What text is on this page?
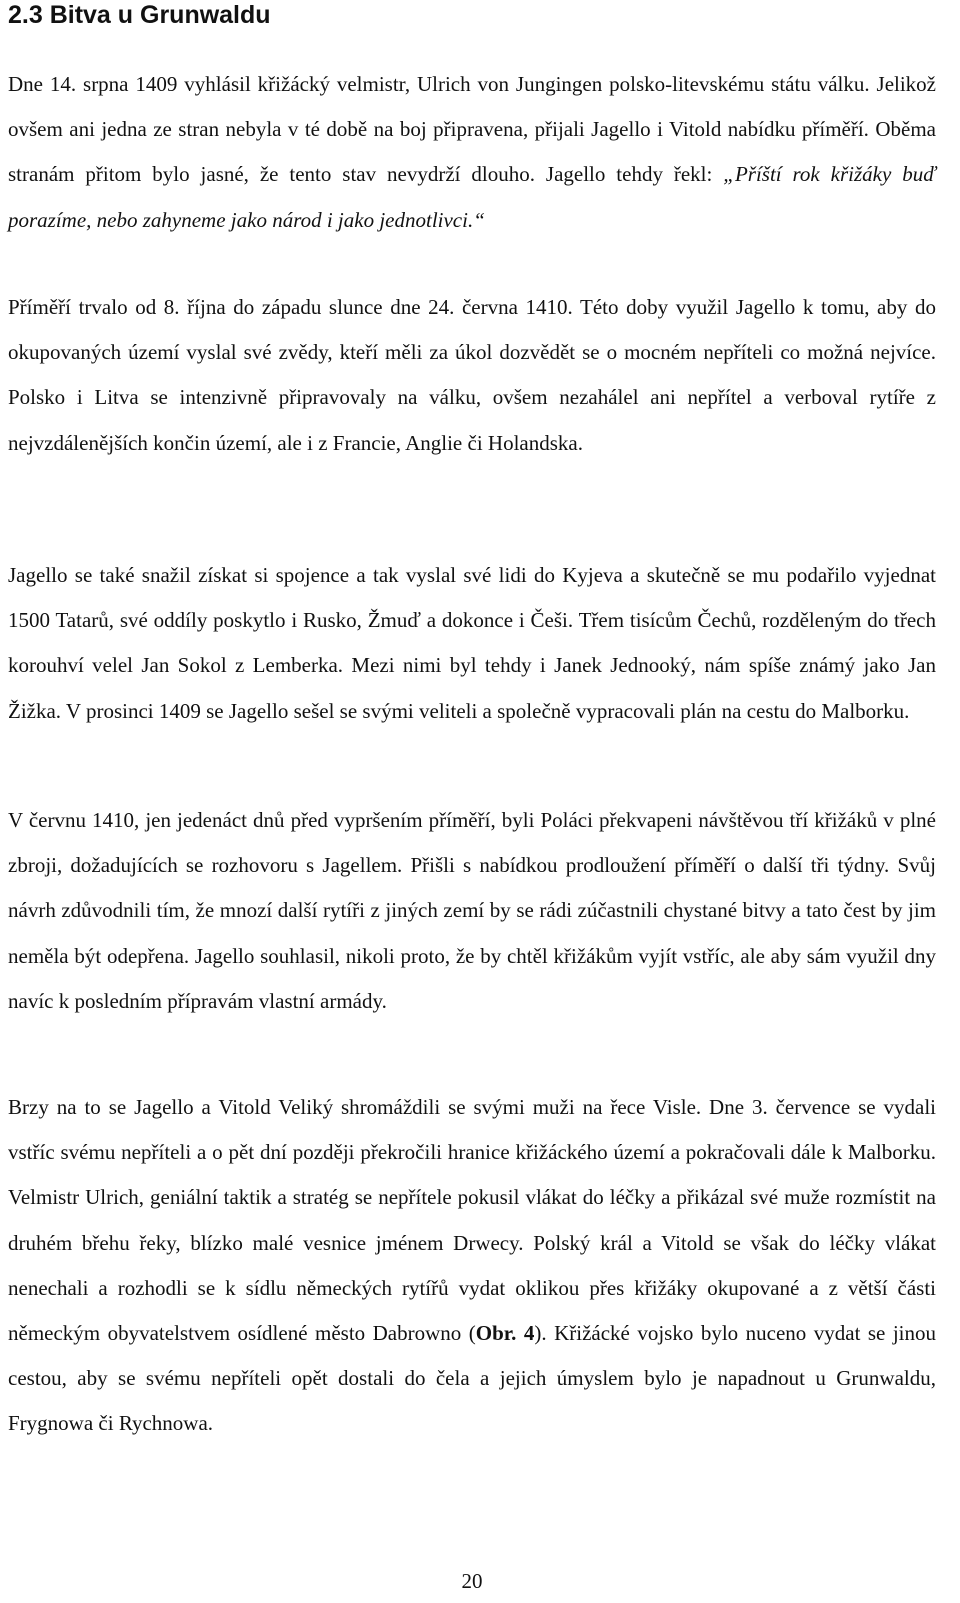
2.3 Bitva u Grunwaldu

Dne 14. srpna 1409 vyhlásil křižácký velmistr, Ulrich von Jungingen polsko-litevskému státu válku. Jelikož ovšem ani jedna ze stran nebyla v té době na boj připravena, přijali Jagello i Vitold nabídku příměří. Oběma stranám přitom bylo jasné, že tento stav nevydrží dlouho. Jagello tehdy řekl: „Příští rok křižáky buď porazíme, nebo zahyneme jako národ i jako jednotlivci.“

Příměří trvalo od 8. října do západu slunce dne 24. června 1410. Této doby využil Jagello k tomu, aby do okupovaných území vyslal své zvědy, kteří měli za úkol dozvědět se o mocném nepříteli co možná nejvíce. Polsko i Litva se intenzivně připravovaly na válku, ovšem nezahálel ani nepřítel a verboval rytíře z nejvzdálenějších končin území, ale i z Francie, Anglie či Holandska.

Jagello se také snažil získat si spojence a tak vyslal své lidi do Kyjeva a skutečně se mu podařilo vyjednat 1500 Tatarů, své oddíly poskytlo i Rusko, Žmuď a dokonce i Češi. Třem tisícům Čechů, rozděleným do třech korouhví velel Jan Sokol z Lemberka. Mezi nimi byl tehdy i Janek Jednooký, nám spíše známý jako Jan Žižka. V prosinci 1409 se Jagello sešel se svými veliteli a společně vypracovali plán na cestu do Malborku.

V červnu 1410, jen jedenáct dnů před vypršením příměří, byli Poláci překvapeni návštěvou tří křižáků v plné zbroji, dožadujících se rozhovoru s Jagellem. Přišli s nabídkou prodloužení příměří o další tři týdny. Svůj návrh zdůvodnili tím, že mnozí další rytíři z jiných zemí by se rádi zúčastnili chystané bitvy a tato čest by jim neměla být odepřena. Jagello souhlasil, nikoli proto, že by chtěl křižákům vyjít vstříc, ale aby sám využil dny navíc k posledním přípravám vlastní armády.

Brzy na to se Jagello a Vitold Veliký shromáždili se svými muži na řece Visle. Dne 3. července se vydali vstříc svému nepříteli a o pět dní později překročili hranice křižáckého území a pokračovali dále k Malborku. Velmistr Ulrich, geniální taktik a stratég se nepřítele pokusil vlákat do léčky a přikázal své muže rozmístit na druhém břehu řeky, blízko malé vesnice jménem Drwecy. Polský král a Vitold se však do léčky vlákat nenechali a rozhodli se k sídlu německých rytířů vydat oklikou přes křižáky okupované a z větší části německým obyvatelstvem osídlené město Dabrowno (Obr. 4). Křižácké vojsko bylo nuceno vydat se jinou cestou, aby se svému nepříteli opět dostali do čela a jejich úmyslem bylo je napadnout u Grunwaldu, Frygnowa či Rychnowa.

20
